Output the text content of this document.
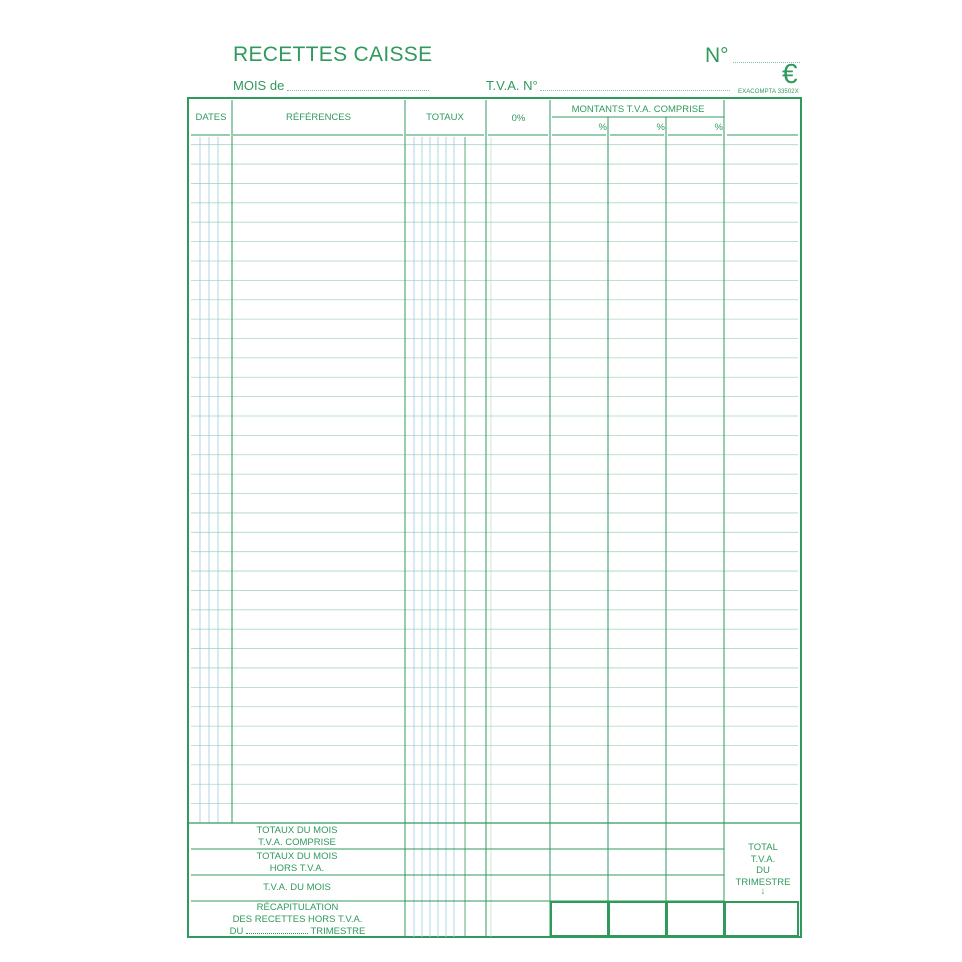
RECETTES CAISSE	N°
MOIS de	T.V.A. N°	€
EXACOMPTA 33502X
DATES	RÉFÉRENCES	TOTAUX	0%
MONTANTS T.V.A. COMPRISE
%	%	%
TOTAUX DU MOIS
T.V.A. COMPRISE
TOTAUX DU MOIS
HORS T.V.A.
T.V.A. DU MOIS
RÉCAPITULATION
DES RECETTES HORS T.V.A.
DU	TRIMESTRE
TOTAL
T.V.A.
DU
TRIMESTRE
↓
